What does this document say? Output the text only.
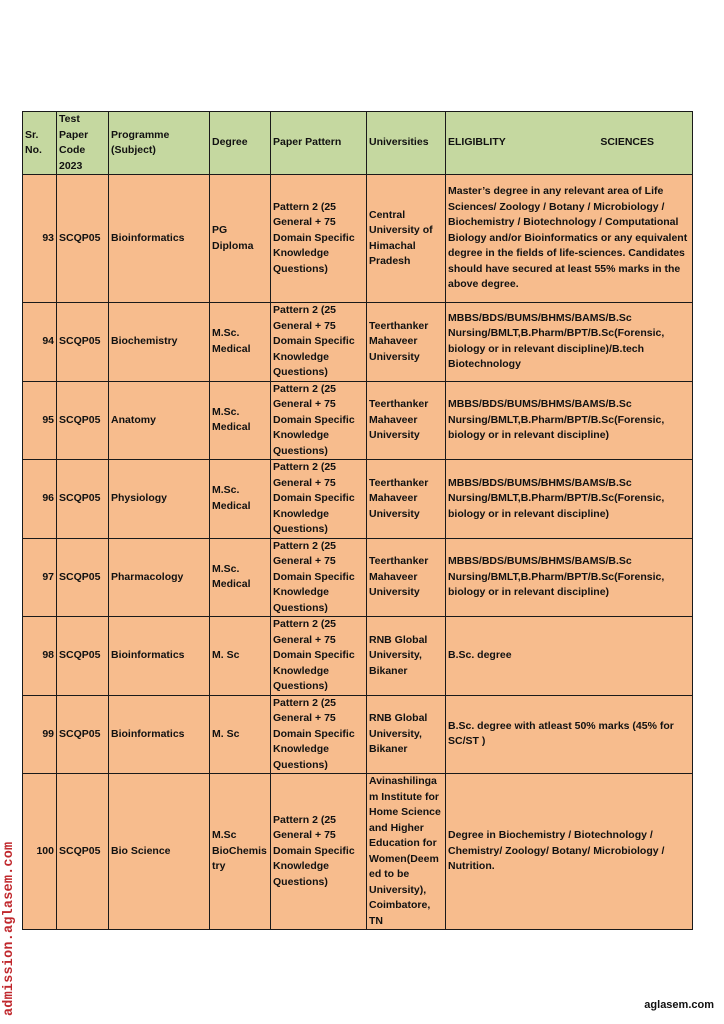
Sr. No.	Test Paper Code 2023	Programme (Subject)	Degree	Paper Pattern	Universities	ELIGIBLITY SCIENCES

93	SCQP05	Bioinformatics	PG Diploma	Pattern 2 (25 General + 75 Domain Specific Knowledge Questions)	Central University of Himachal Pradesh	Master’s degree in any relevant area of Life Sciences/ Zoology / Botany / Microbiology / Biochemistry / Biotechnology / Computational Biology and/or Bioinformatics or any equivalent degree in the fields of life-sciences. Candidates should have secured at least 55% marks in the above degree.
94	SCQP05	Biochemistry	M.Sc. Medical	Pattern 2 (25 General + 75 Domain Specific Knowledge Questions)	Teerthanker Mahaveer University	MBBS/BDS/BUMS/BHMS/BAMS/B.Sc Nursing/BMLT,B.Pharm/BPT/B.Sc(Forensic, biology or in relevant discipline)/B.tech Biotechnology
95	SCQP05	Anatomy	M.Sc. Medical	Pattern 2 (25 General + 75 Domain Specific Knowledge Questions)	Teerthanker Mahaveer University	MBBS/BDS/BUMS/BHMS/BAMS/B.Sc Nursing/BMLT,B.Pharm/BPT/B.Sc(Forensic, biology or in relevant discipline)
96	SCQP05	Physiology	M.Sc. Medical	Pattern 2 (25 General + 75 Domain Specific Knowledge Questions)	Teerthanker Mahaveer University	MBBS/BDS/BUMS/BHMS/BAMS/B.Sc Nursing/BMLT,B.Pharm/BPT/B.Sc(Forensic, biology or in relevant discipline)
97	SCQP05	Pharmacology	M.Sc. Medical	Pattern 2 (25 General + 75 Domain Specific Knowledge Questions)	Teerthanker Mahaveer University	MBBS/BDS/BUMS/BHMS/BAMS/B.Sc Nursing/BMLT,B.Pharm/BPT/B.Sc(Forensic, biology or in relevant discipline)
98	SCQP05	Bioinformatics	M. Sc	Pattern 2 (25 General + 75 Domain Specific Knowledge Questions)	RNB Global University, Bikaner	B.Sc. degree
99	SCQP05	Bioinformatics	M. Sc	Pattern 2 (25 General + 75 Domain Specific Knowledge Questions)	RNB Global University, Bikaner	B.Sc. degree with atleast 50% marks (45% for SC/ST )
100	SCQP05	Bio Science	M.Sc BioChemistry	Pattern 2 (25 General + 75 Domain Specific Knowledge Questions)	Avinashilingam Institute for Home Science and Higher Education for Women(Deemed to be University), Coimbatore, TN	Degree in Biochemistry / Biotechnology / Chemistry/ Zoology/ Botany/ Microbiology / Nutrition.
admission.aglasem.com	aglasem.com
